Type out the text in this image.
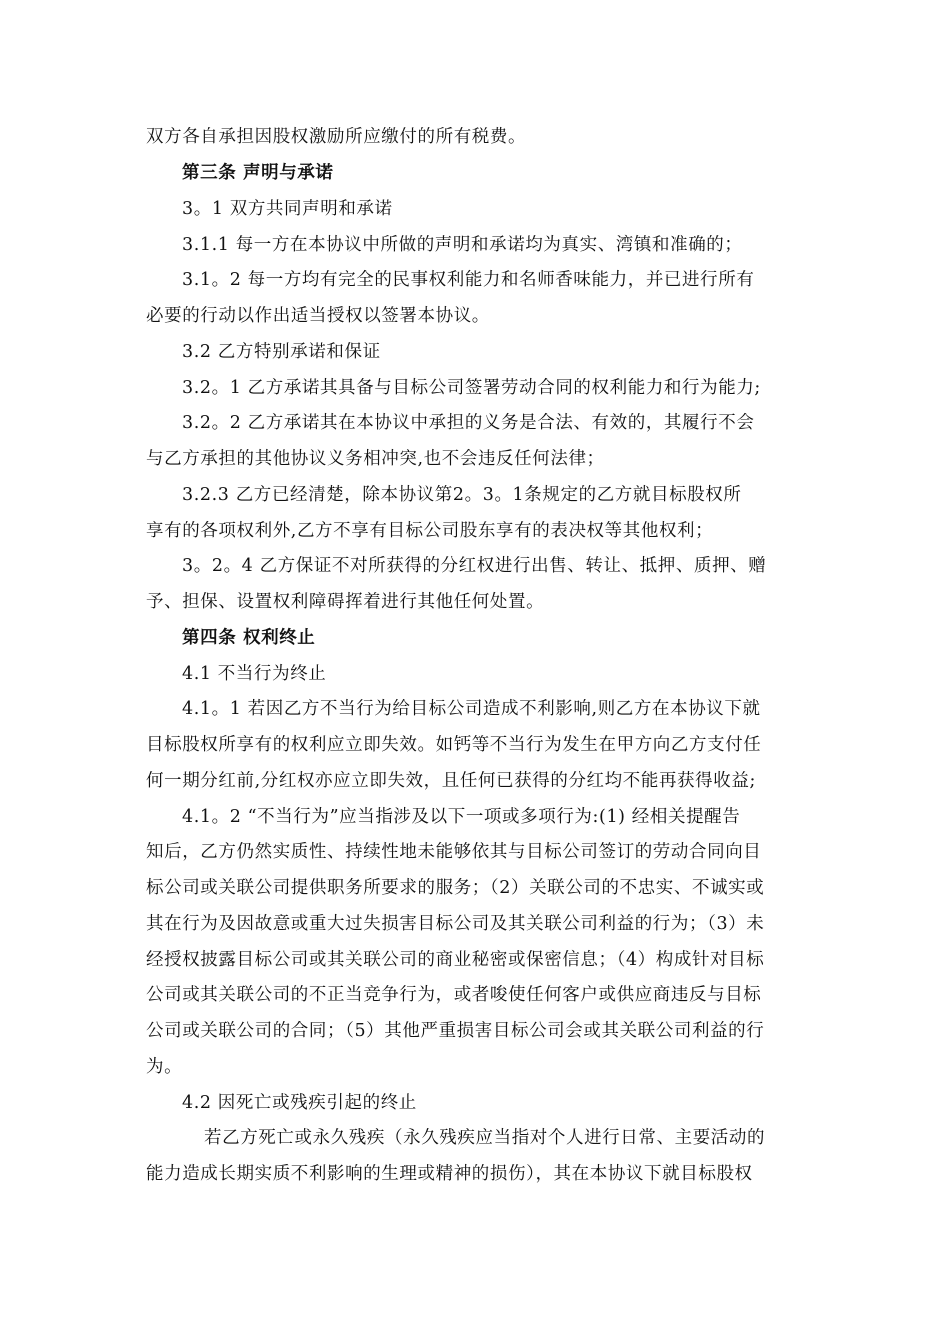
双方各自承担因股权激励所应缴付的所有税费。
第三条 声明与承诺
3。1 双方共同声明和承诺
3.1.1 每一方在本协议中所做的声明和承诺均为真实、湾镇和准确的；
3.1。2 每一方均有完全的民事权利能力和名师香味能力，并已进行所有
必要的行动以作出适当授权以签署本协议。
3.2 乙方特别承诺和保证
3.2。1 乙方承诺其具备与目标公司签署劳动合同的权利能力和行为能力;
3.2。2 乙方承诺其在本协议中承担的义务是合法、有效的，其履行不会
与乙方承担的其他协议义务相冲突,也不会违反任何法律；
3.2.3 乙方已经清楚，除本协议第2。3。1条规定的乙方就目标股权所
享有的各项权利外,乙方不享有目标公司股东享有的表决权等其他权利；
3。2。4 乙方保证不对所获得的分红权进行出售、转让、抵押、质押、赠
予、担保、设置权利障碍挥着进行其他任何处置。
第四条 权利终止
4.1 不当行为终止
4.1。1 若因乙方不当行为给目标公司造成不利影响,则乙方在本协议下就
目标股权所享有的权利应立即失效。如钙等不当行为发生在甲方向乙方支付任
何一期分红前,分红权亦应立即失效，且任何已获得的分红均不能再获得收益;
4.1。2 “不当行为”应当指涉及以下一项或多项行为:(1) 经相关提醒告
知后，乙方仍然实质性、持续性地未能够依其与目标公司签订的劳动合同向目
标公司或关联公司提供职务所要求的服务；（2）关联公司的不忠实、不诚实或
其在行为及因故意或重大过失损害目标公司及其关联公司利益的行为；（3）未
经授权披露目标公司或其关联公司的商业秘密或保密信息；（4）构成针对目标
公司或其关联公司的不正当竞争行为，或者唆使任何客户或供应商违反与目标
公司或关联公司的合同；（5）其他严重损害目标公司会或其关联公司利益的行
为。
4.2 因死亡或残疾引起的终止
若乙方死亡或永久残疾（永久残疾应当指对个人进行日常、主要活动的
能力造成长期实质不利影响的生理或精神的损伤），其在本协议下就目标股权
